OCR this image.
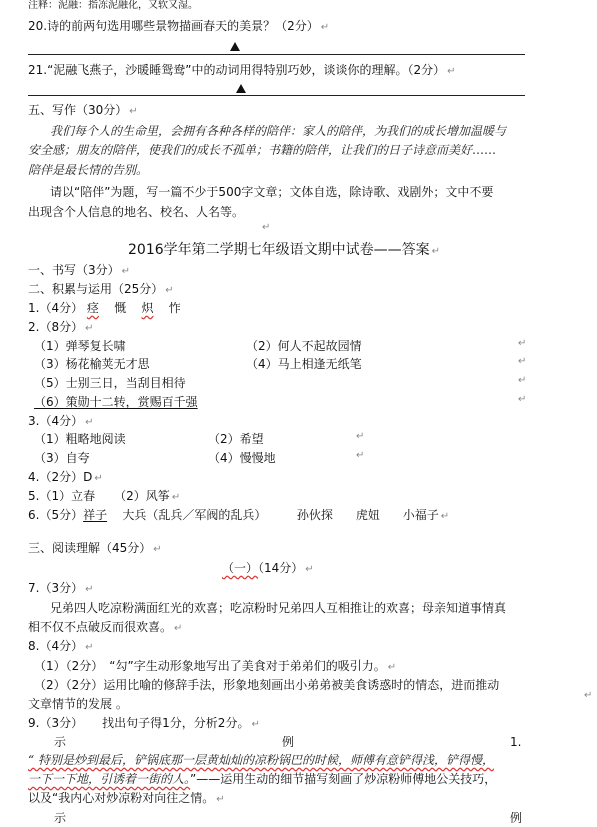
注释：泥融：指冻泥融化，又软又湿。
20.诗的前两句选用哪些景物描画春天的美景？（2分） ↵
21.“泥融飞燕子，沙暖睡鸳鸯”中的动词用得特别巧妙，谈谈你的理解。（2分） ↵
五、写作（30分） ↵
我们每个人的生命里，会拥有各种各样的陪伴：家人的陪伴，为我们的成长增加温暖与
安全感；朋友的陪伴，使我们的成长不孤单；书籍的陪伴，让我们的日子诗意而美好……
陪伴是最长情的告别。
请以“陪伴”为题，写一篇不少于500字文章；文体自选，除诗歌、戏剧外；文中不要
出现含个人信息的地名、校名、人名等。
↵
2016学年第二学期七年级语文期中试卷——答案 ↵
一、书写（3分） ↵
二、积累与运用（25分） ↵
1.（4分） 痉 慨 炽 怍
2.（8分） ↵
（1）弹琴复长啸	（2）何人不起故园情	↵
（3）杨花榆荚无才思	（4）马上相逢无纸笔	↵
（5）士别三日，当刮目相待	↵
（6）策勋十二转，赏赐百千强	↵
3.（4分） ↵
（1）粗略地阅读	（2）希望	↵
（3）自夸	（4）慢慢地	↵
4.（2分）D ↵
5.（1）立春 （2）风筝 ↵
6.（5分）祥子 大兵（乱兵／军阀的乱兵）	孙伙探 虎妞 小福子 ↵
三、阅读理解（45分） ↵
（一）（14分） ↵
7.（3分） ↵
兄弟四人吃凉粉满面红光的欢喜；吃凉粉时兄弟四人互相推让的欢喜；母亲知道事情真
相不仅不点破反而很欢喜。 ↵
8.（4分） ↵
（1）（2分）　“勾”字生动形象地写出了美食对于弟弟们的吸引力。 ↵
（2）（2分）运用比喻的修辞手法，形象地刻画出小弟弟被美食诱惑时的情态，进而推动
文章情节的发展 。
↵
9.（3分） 找出句子得1分，分析2分。 ↵
示	例	1.
“ 特别是炒到最后，铲锅底那一层黄灿灿的凉粉锅巴的时候，师傅有意铲得浅，铲得慢，
一下一下地，引诱着一街的人。”——运用生动的细节描写刻画了炒凉粉师傅地公关技巧，
以及“我内心对炒凉粉对向往之情。 ↵
示	例
